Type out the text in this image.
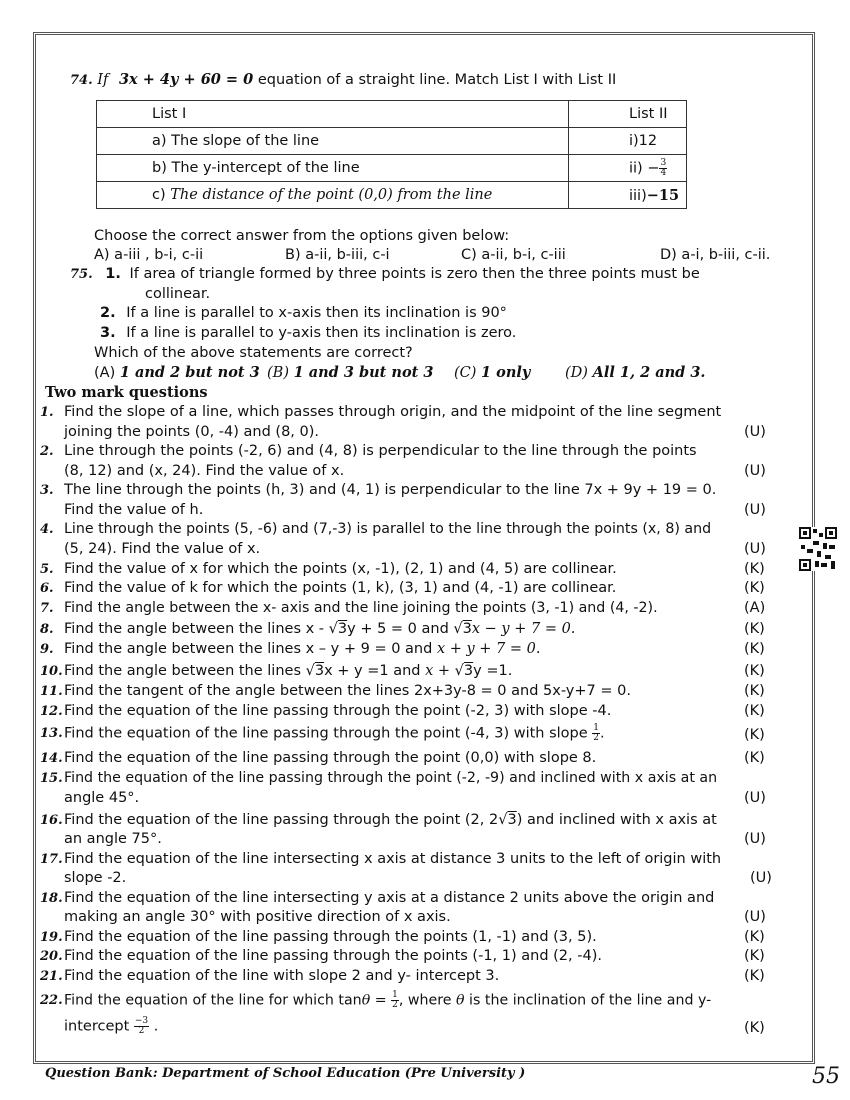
74. If 3x + 4y + 60 = 0 equation of a straight line. Match List I with List II
List I	List II
a) The slope of the line	i)12
b) The y-intercept of the line	$ii) - \frac{3}{4}$

c) The distance of the point (0,0) from the line	iii)−15
Choose the correct answer from the options given below:
A) a-iii , b-i, c-ii	B) a-ii, b-iii, c-i	C) a-ii, b-i, c-iii	D) a-i, b-iii, c-ii.
75. 1. If area of triangle formed by three points is zero then the three points must be
collinear.
2. If a line is parallel to x-axis then its inclination is 90°
3. If a line is parallel to y-axis then its inclination is zero.
Which of the above statements are correct?
(A) 1 and 2 but not 3 (B) 1 and 3 but not 3 (C) 1 only (D) All 1, 2 and 3.
Two mark questions
1. Find the slope of a line, which passes through origin, and the midpoint of the line segment
joining the points (0, -4) and (8, 0).	(U)
2. Line through the points (-2, 6) and (4, 8) is perpendicular to the line through the points
(8, 12) and (x, 24). Find the value of x.	(U)
3. The line through the points (h, 3) and (4, 1) is perpendicular to the line 7x + 9y + 19 = 0.
Find the value of h.	(U)
4. Line through the points (5, -6) and (7,-3) is parallel to the line through the points (x, 8) and
(5, 24). Find the value of x.	(U)
5. Find the value of x for which the points (x, -1), (2, 1) and (4, 5) are collinear.	(K)
6. Find the value of k for which the points (1, k), (3, 1) and (4, -1) are collinear.	(K)
7. Find the angle between the x- axis and the line joining the points (3, -1) and (4, -2).	(A)
8. Find the angle between the lines x - √3y + 5 = 0 and √3x − y + 7 = 0.	(K)
9. Find the angle between the lines x – y + 9 = 0 and x + y + 7 = 0.	(K)
10. Find the angle between the lines √3x + y =1 and x + √3y =1.	(K)
11. Find the tangent of the angle between the lines 2x+3y-8 = 0 and 5x-y+7 = 0.	(K)
12. Find the equation of the line passing through the point (-2, 3) with slope -4.	(K)
13. Find the equation of the line passing through the point (-4, 3) with slope $\frac{1}{2}$ .	(K)
14. Find the equation of the line passing through the point (0,0) with slope 8.	(K)
15. Find the equation of the line passing through the point (-2, -9) and inclined with x axis at an
angle 45°.	(U)
16. Find the equation of the line passing through the point (2, 2√3) and inclined with x axis at
an angle 75°.	(U)
17. Find the equation of the line intersecting x axis at distance 3 units to the left of origin with
slope -2.	(U)
18. Find the equation of the line intersecting y axis at a distance 2 units above the origin and
making an angle 30° with positive direction of x axis.	(U)
19. Find the equation of the line passing through the points (1, -1) and (3, 5).	(K)
20. Find the equation of the line passing through the points (-1, 1) and (2, -4).	(K)
21. Find the equation of the line with slope 2 and y- intercept 3.	(K)
22. Find the equation of the line for which $\tan\theta = \frac{1}{2}$ , where θ is the inclination of the line and y-
intercept $\frac{-3}{2}$ .	(K)
Question Bank: Department of School Education (Pre University )	55
